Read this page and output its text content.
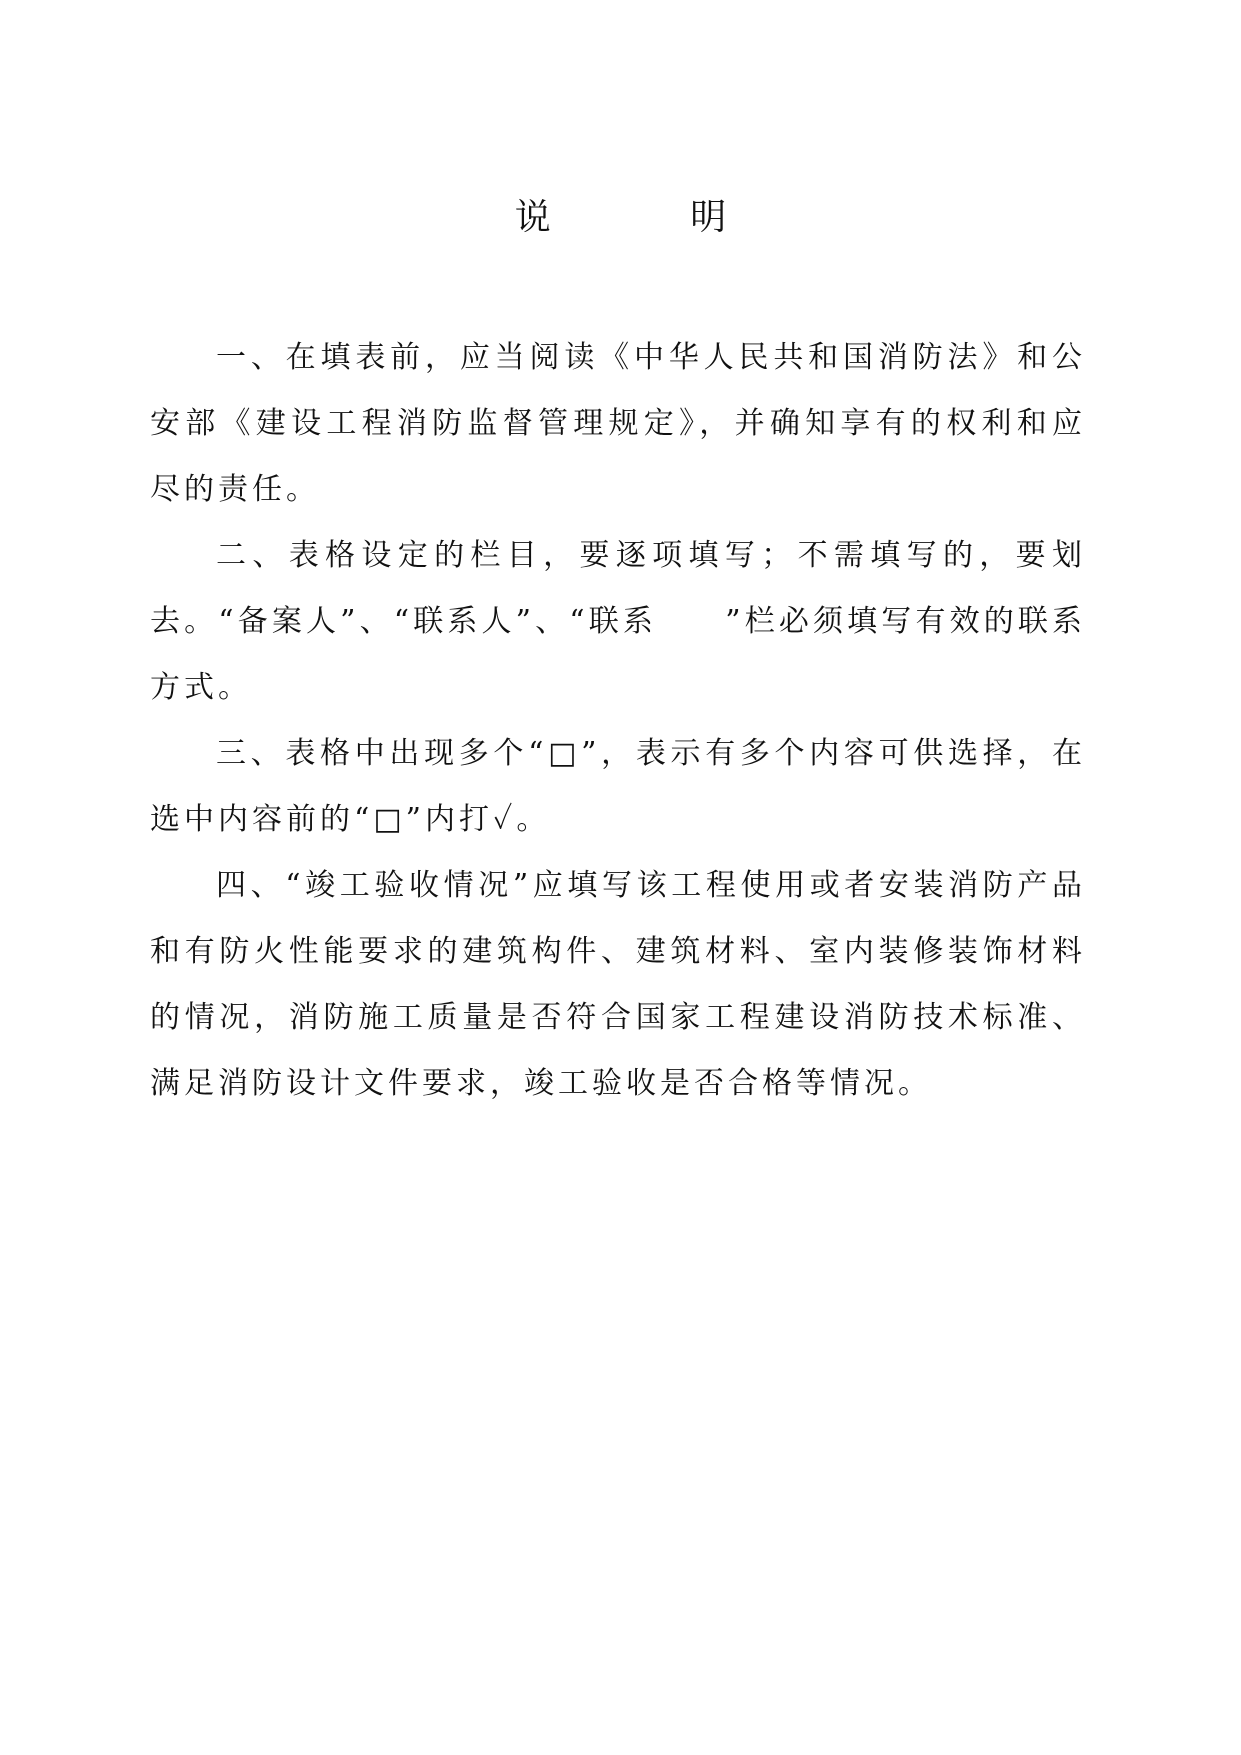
说 明

一、在填表前，应当阅读《中华人民共和国消防法》和公安部《建设工程消防监督管理规定》，并确知享有的权利和应尽的责任。

二、表格设定的栏目，要逐项填写；不需填写的，要划去。“备案人”、“联系人”、“联系　　”栏必须填写有效的联系方式。

三、表格中出现多个“□”，表示有多个内容可供选择，在选中内容前的“□”内打✓。

四、“竣工验收情况”应填写该工程使用或者安装消防产品和有防火性能要求的建筑构件、建筑材料、室内装修装饰材料的情况，消防施工质量是否符合国家工程建设消防技术标准、满足消防设计文件要求，竣工验收是否合格等情况。
